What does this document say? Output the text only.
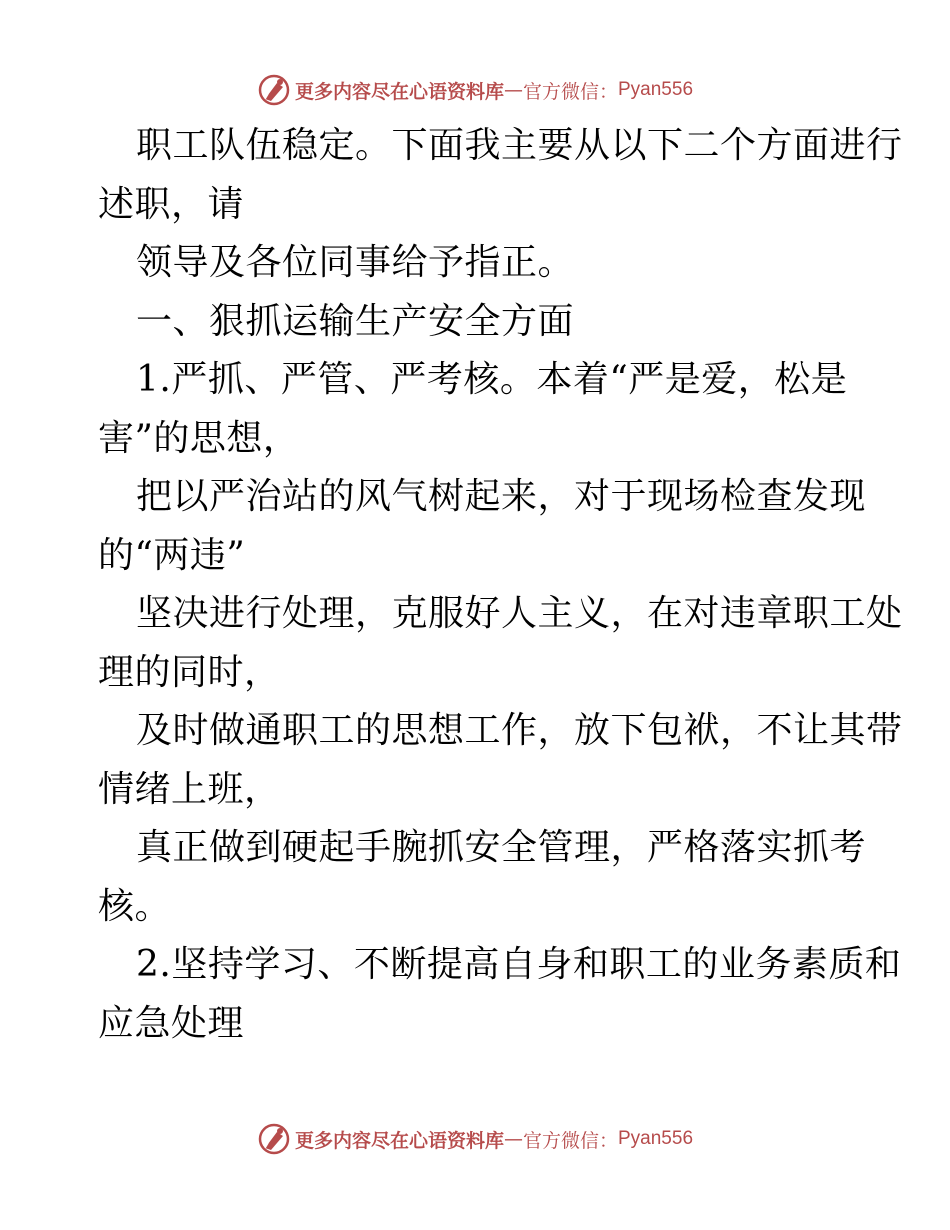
更多内容尽在心语资料库 — 官方微信： Pyan556
职工队伍稳定。下面我主要从以下二个方面进行
述职，请
领导及各位同事给予指正。
一、狠抓运输生产安全方面
1.严抓、严管、严考核。本着“严是爱，松是
害”的思想，
把以严治站的风气树起来，对于现场检查发现
的“两违”
坚决进行处理，克服好人主义，在对违章职工处
理的同时，
及时做通职工的思想工作，放下包袱，不让其带
情绪上班，
真正做到硬起手腕抓安全管理，严格落实抓考
核。
2.坚持学习、不断提高自身和职工的业务素质和
应急处理
更多内容尽在心语资料库 — 官方微信： Pyan556
